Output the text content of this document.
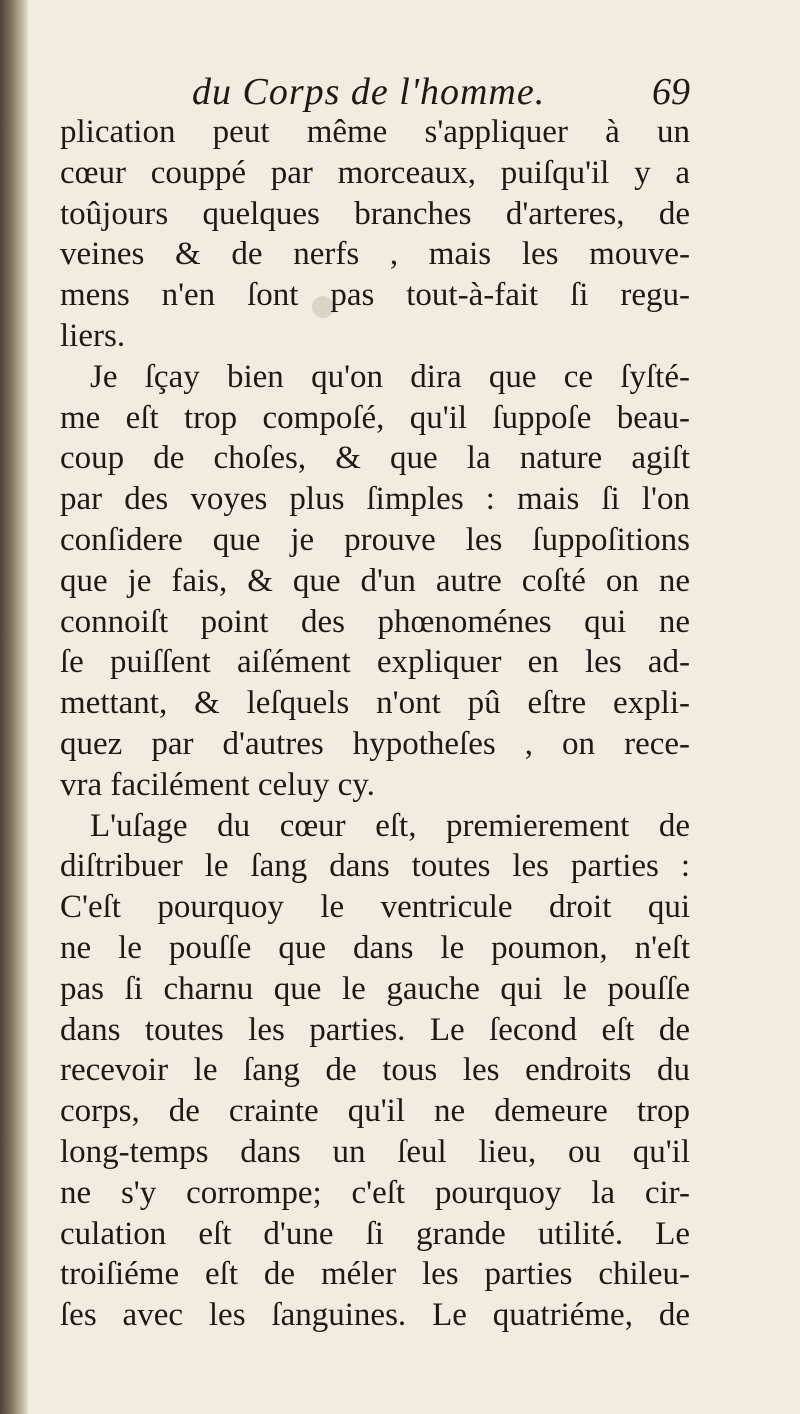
du Corps de l'homme.	69
plication peut même s'appliquer à un
cœur couppé par morceaux, puiſqu'il y a
toûjours quelques branches d'arteres, de
veines & de nerfs , mais les mouve-
mens n'en ſont pas tout-à-fait ſi regu-
liers.
Je ſçay bien qu'on dira que ce ſyſté-
me eſt trop compoſé, qu'il ſuppoſe beau-
coup de choſes, & que la nature agiſt
par des voyes plus ſimples : mais ſi l'on
conſidere que je prouve les ſuppoſitions
que je fais, & que d'un autre coſté on ne
connoiſt point des phœnoménes qui ne
ſe puiſſent aiſément expliquer en les ad-
mettant, & leſquels n'ont pû eſtre expli-
quez par d'autres hypotheſes , on rece-
vra facilément celuy cy.
L'uſage du cœur eſt, premierement de
diſtribuer le ſang dans toutes les parties :
C'eſt pourquoy le ventricule droit qui
ne le pouſſe que dans le poumon, n'eſt
pas ſi charnu que le gauche qui le pouſſe
dans toutes les parties. Le ſecond eſt de
recevoir le ſang de tous les endroits du
corps, de crainte qu'il ne demeure trop
long-temps dans un ſeul lieu, ou qu'il
ne s'y corrompe; c'eſt pourquoy la cir-
culation eſt d'une ſi grande utilité. Le
troiſiéme eſt de méler les parties chileu-
ſes avec les ſanguines. Le quatriéme, de
